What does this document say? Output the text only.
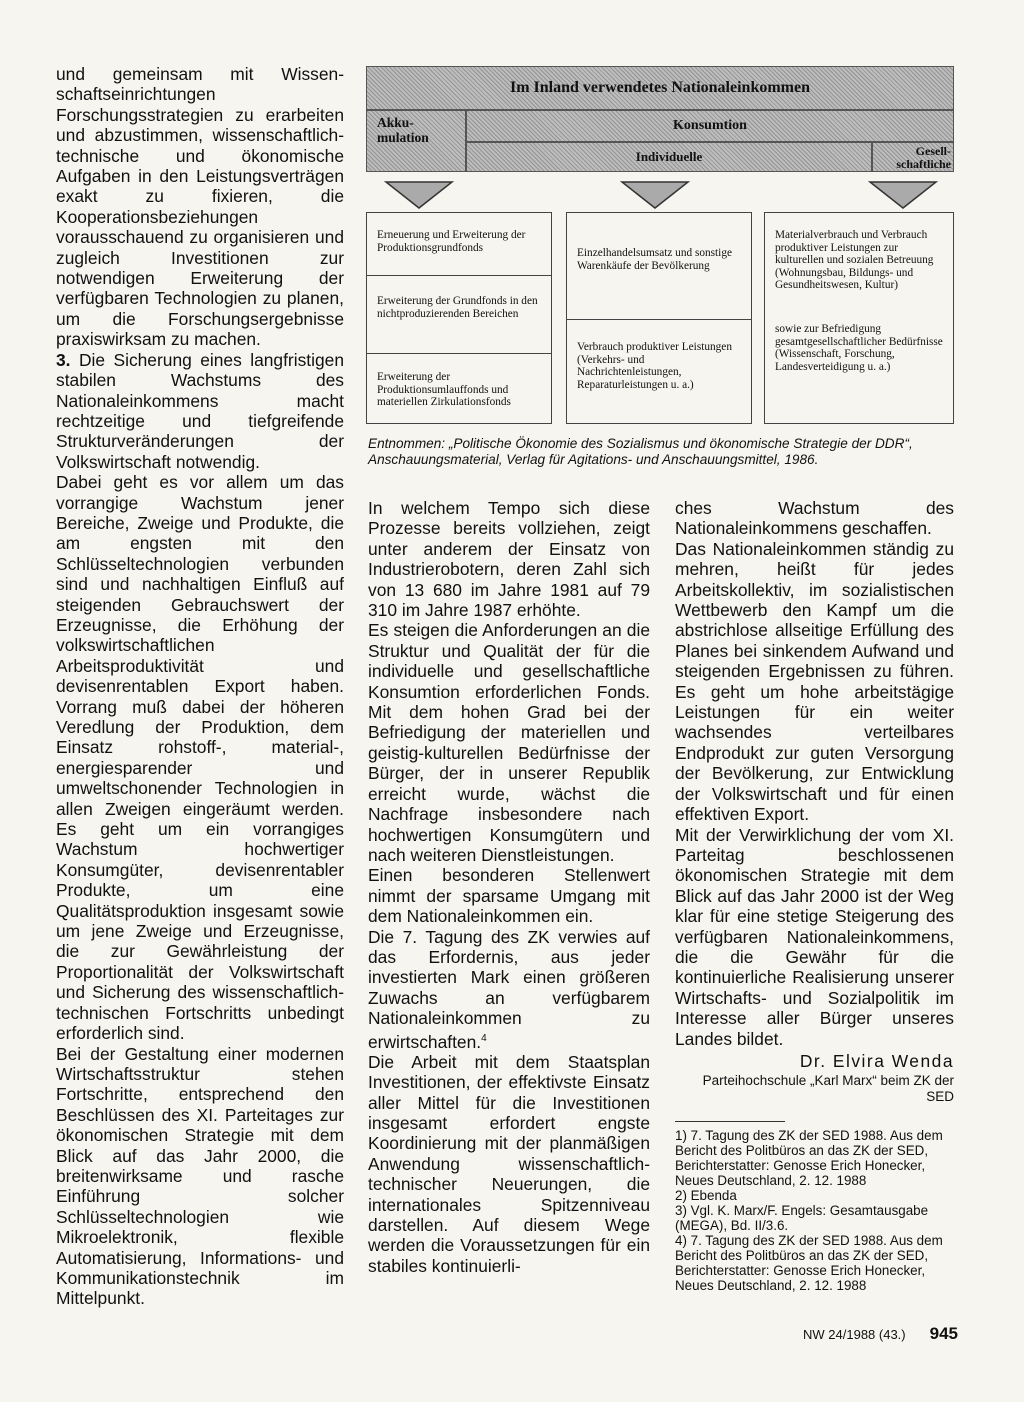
und gemeinsam mit Wissen- schaftseinrichtungen Forschungsstrategien zu erarbeiten und abzustimmen, wissenschaftlich-technische und ökonomische Aufgaben in den Leistungsverträgen exakt zu fixieren, die Kooperationsbeziehungen vorausschauend zu organisieren und zugleich Investitionen zur notwendigen Erweiterung der verfügbaren Technologien zu planen, um die Forschungsergebnisse praxiswirksam zu machen.

3. Die Sicherung eines langfristigen stabilen Wachstums des Nationaleinkommens macht rechtzeitige und tiefgreifende Strukturveränderungen der Volkswirtschaft notwendig.

Dabei geht es vor allem um das vorrangige Wachstum jener Bereiche, Zweige und Produkte, die am engsten mit den Schlüsseltechnologien verbunden sind und nachhaltigen Einfluß auf steigenden Gebrauchswert der Erzeugnisse, die Erhöhung der volkswirtschaftlichen Arbeitsproduktivität und devisenrentablen Export haben. Vorrang muß dabei der höheren Veredlung der Produktion, dem Einsatz rohstoff-, material-, energiesparender und umweltschonender Technologien in allen Zweigen eingeräumt werden. Es geht um ein vorrangiges Wachstum hochwertiger Konsumgüter, devisenrentabler Produkte, um eine Qualitätsproduktion insgesamt sowie um jene Zweige und Erzeugnisse, die zur Gewährleistung der Proportionalität der Volkswirtschaft und Sicherung des wissenschaftlich-technischen Fortschritts unbedingt erforderlich sind.

Bei der Gestaltung einer modernen Wirtschaftsstruktur stehen Fortschritte, entsprechend den Beschlüssen des XI. Parteitages zur ökonomischen Strategie mit dem Blick auf das Jahr 2000, die breitenwirksame und rasche Einführung solcher Schlüsseltechnologien wie Mikroelektronik, flexible Automatisierung, Informations- und Kommunikationstechnik im Mittelpunkt.

Im Inland verwendetes Nationaleinkommen
Akku- mulation
Konsumtion
Individuelle	Gesell- schaftliche
Erneuerung und Erweiterung der Produktionsgrundfonds
Erweiterung der Grundfonds in den nichtproduzierenden Bereichen
Erweiterung der Produktionsumlauffonds und materiellen Zirkulationsfonds
Einzelhandelsumsatz und sonstige Warenkäufe der Bevölkerung
Verbrauch produktiver Leistungen (Verkehrs- und Nachrichtenleistungen, Reparaturleistungen u. a.)
Materialverbrauch und Verbrauch produktiver Leistungen zur kulturellen und sozialen Betreuung (Wohnungsbau, Bildungs- und Gesundheitswesen, Kultur)
sowie zur Befriedigung gesamtgesellschaftlicher Bedürfnisse (Wissenschaft, Forschung, Landesverteidigung u. a.)
Entnommen: „Politische Ökonomie des Sozialismus und ökonomische Strategie der DDR“, Anschauungsmaterial, Verlag für Agitations- und Anschauungsmittel, 1986.

In welchem Tempo sich diese Prozesse bereits vollziehen, zeigt unter anderem der Einsatz von Industrierobotern, deren Zahl sich von 13 680 im Jahre 1981 auf 79 310 im Jahre 1987 erhöhte.

Es steigen die Anforderungen an die Struktur und Qualität der für die individuelle und gesellschaftliche Konsumtion erforderlichen Fonds. Mit dem hohen Grad bei der Befriedigung der materiellen und geistig-kulturellen Bedürfnisse der Bürger, der in unserer Republik erreicht wurde, wächst die Nachfrage insbesondere nach hochwertigen Konsumgütern und nach weiteren Dienstleistungen.

Einen besonderen Stellenwert nimmt der sparsame Umgang mit dem Nationaleinkommen ein.

Die 7. Tagung des ZK verwies auf das Erfordernis, aus jeder investierten Mark einen größeren Zuwachs an verfügbarem Nationaleinkommen zu erwirtschaften.$^4$

Die Arbeit mit dem Staatsplan Investitionen, der effektivste Einsatz aller Mittel für die Investitionen insgesamt erfordert engste Koordinierung mit der planmäßigen Anwendung wissenschaftlich-technischer Neuerungen, die internationales Spitzenniveau darstellen. Auf diesem Wege werden die Voraussetzungen für ein stabiles kontinuierli-

ches Wachstum des Nationaleinkommens geschaffen.

Das Nationaleinkommen ständig zu mehren, heißt für jedes Arbeitskollektiv, im sozialistischen Wettbewerb den Kampf um die abstrichlose allseitige Erfüllung des Planes bei sinkendem Aufwand und steigenden Ergebnissen zu führen. Es geht um hohe arbeitstägige Leistungen für ein weiter wachsendes verteilbares Endprodukt zur guten Versorgung der Bevölkerung, zur Entwicklung der Volkswirtschaft und für einen effektiven Export.

Mit der Verwirklichung der vom XI. Parteitag beschlossenen ökonomischen Strategie mit dem Blick auf das Jahr 2000 ist der Weg klar für eine stetige Steigerung des verfügbaren Nationaleinkommens, die die Gewähr für die kontinuierliche Realisierung unserer Wirtschafts- und Sozialpolitik im Interesse aller Bürger unseres Landes bildet.

Dr. Elvira Wenda

Parteihochschule „Karl Marx“ beim ZK der SED

1) 7. Tagung des ZK der SED 1988. Aus dem Bericht des Politbüros an das ZK der SED, Berichterstatter: Genosse Erich Honecker, Neues Deutschland, 2. 12. 1988

2) Ebenda

3) Vgl. K. Marx/F. Engels: Gesamtausgabe (MEGA), Bd. II/3.6.

4) 7. Tagung des ZK der SED 1988. Aus dem Bericht des Politbüros an das ZK der SED, Berichterstatter: Genosse Erich Honecker, Neues Deutschland, 2. 12. 1988

NW 24/1988 (43.) 945
